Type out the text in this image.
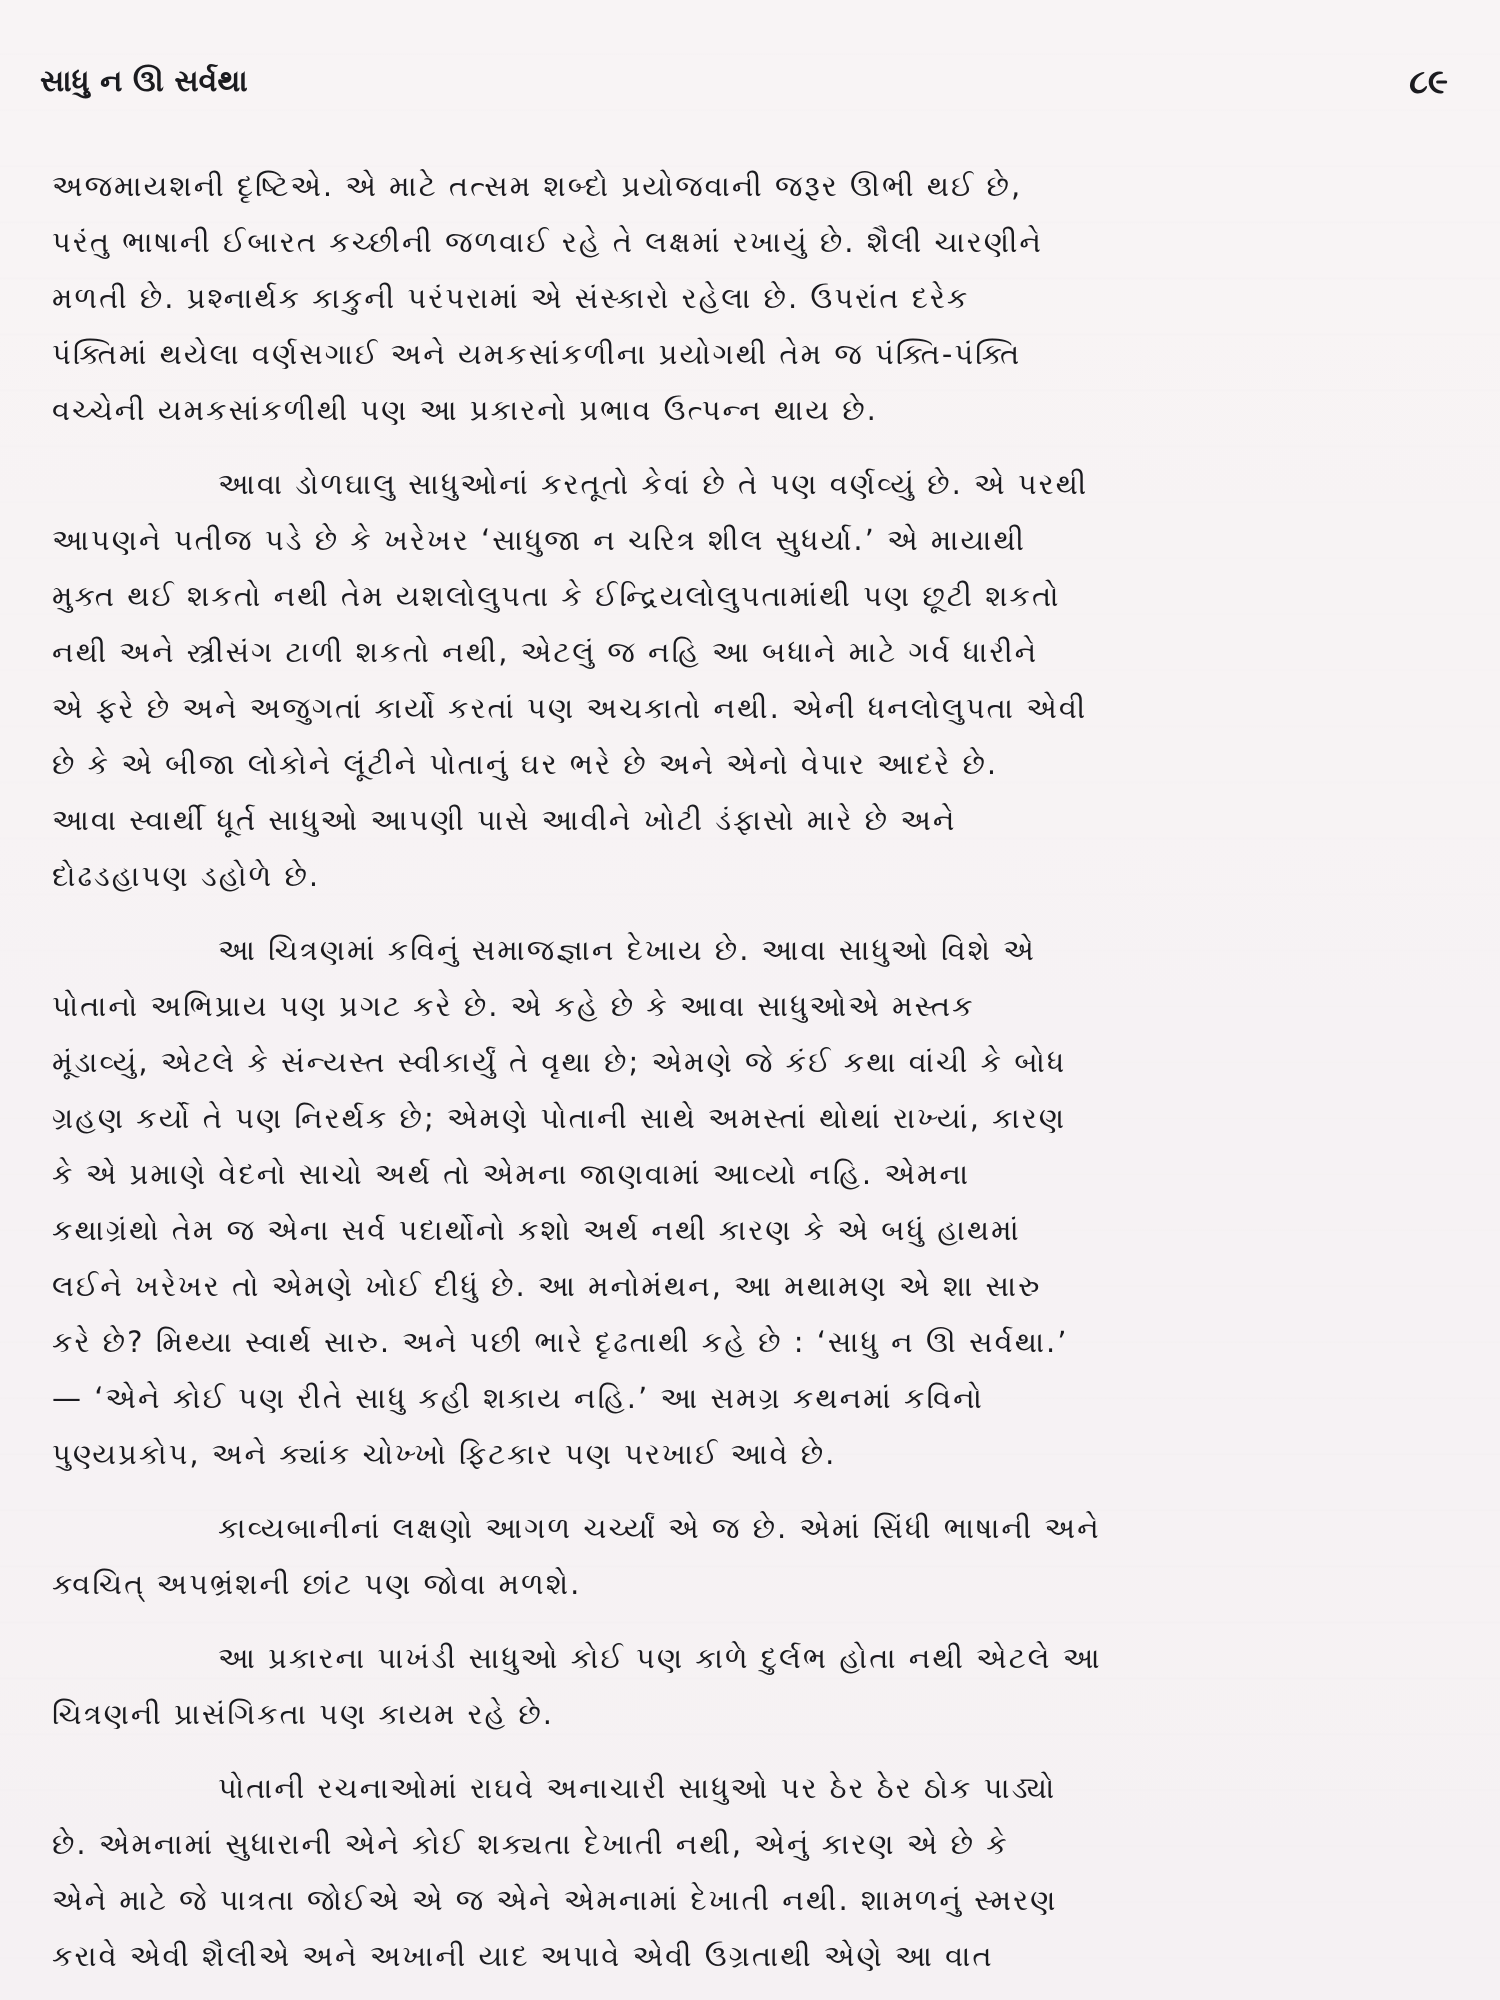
સાધુ ન ઊ સર્વથા	૮૯
અજમાયશની દૃષ્ટિએ. એ માટે તત્સમ શબ્દો પ્રયોજવાની જરૂર ઊભી થઈ છે,
પરંતુ ભાષાની ઈબારત કચ્છીની જળવાઈ રહે તે લક્ષમાં રખાયું છે. શૈલી ચારણીને
મળતી છે. પ્રશ્નાર્થક કાકુની પરંપરામાં એ સંસ્કારો રહેલા છે. ઉપરાંત દરેક
પંક્તિમાં થયેલા વર્ણસગાઈ અને યમકસાંકળીના પ્રયોગથી તેમ જ પંક્તિ-પંક્તિ
વચ્ચેની યમકસાંકળીથી પણ આ પ્રકારનો પ્રભાવ ઉત્પન્ન થાય છે.
આવા ડોળઘાલુ સાધુઓનાં કરતૂતો કેવાં છે તે પણ વર્ણવ્યું છે. એ પરથી
આપણને પતીજ પડે છે કે ખરેખર ‘સાધુજા ન ચરિત્ર શીલ સુધર્યા.’ એ માયાથી
મુક્ત થઈ શકતો નથી તેમ યશલોલુપતા કે ઈન્દ્રિયલોલુપતામાંથી પણ છૂટી શકતો
નથી અને સ્ત્રીસંગ ટાળી શકતો નથી, એટલું જ નહિ આ બધાને માટે ગર્વ ધારીને
એ ફરે છે અને અજુગતાં કાર્યો કરતાં પણ અચકાતો નથી. એની ધનલોલુપતા એવી
છે કે એ બીજા લોકોને લૂંટીને પોતાનું ઘર ભરે છે અને એનો વેપાર આદરે છે.
આવા સ્વાર્થી ધૂર્ત સાધુઓ આપણી પાસે આવીને ખોટી ડંફાસો મારે છે અને
દોઢડહાપણ ડહોળે છે.
આ ચિત્રણમાં કવિનું સમાજજ્ઞાન દેખાય છે. આવા સાધુઓ વિશે એ
પોતાનો અભિપ્રાય પણ પ્રગટ કરે છે. એ કહે છે કે આવા સાધુઓએ મસ્તક
મૂંડાવ્યું, એટલે કે સંન્યસ્ત સ્વીકાર્યું તે વૃથા છે; એમણે જે કંઈ કથા વાંચી કે બોધ
ગ્રહણ કર્યો તે પણ નિરર્થક છે; એમણે પોતાની સાથે અમસ્તાં થોથાં રાખ્યાં, કારણ
કે એ પ્રમાણે વેદનો સાચો અર્થ તો એમના જાણવામાં આવ્યો નહિ. એમના
કથાગ્રંથો તેમ જ એના સર્વ પદાર્થોનો કશો અર્થ નથી કારણ કે એ બધું હાથમાં
લઈને ખરેખર તો એમણે ખોઈ દીધું છે. આ મનોમંથન, આ મથામણ એ શા સારુ
કરે છે? મિથ્યા સ્વાર્થ સારુ. અને પછી ભારે દૃઢતાથી કહે છે : ‘સાધુ ન ઊ સર્વથા.’
— ‘એને કોઈ પણ રીતે સાધુ કહી શકાય નહિ.’ આ સમગ્ર કથનમાં કવિનો
પુણ્યપ્રકોપ, અને ક્યાંક ચોખ્ખો ફિટકાર પણ પરખાઈ આવે છે.
કાવ્યબાનીનાં લક્ષણો આગળ ચર્ચ્યાં એ જ છે. એમાં સિંધી ભાષાની અને
ક્વચિત્ અપભ્રંશની છાંટ પણ જોવા મળશે.
આ પ્રકારના પાખંડી સાધુઓ કોઈ પણ કાળે દુર્લભ હોતા નથી એટલે આ
ચિત્રણની પ્રાસંગિકતા પણ કાયમ રહે છે.
પોતાની રચનાઓમાં રાઘવે અનાચારી સાધુઓ પર ઠેર ઠેર ઠોક પાડ્યો
છે. એમનામાં સુધારાની એને કોઈ શક્યતા દેખાતી નથી, એનું કારણ એ છે કે
એને માટે જે પાત્રતા જોઈએ એ જ એને એમનામાં દેખાતી નથી. શામળનું સ્મરણ
કરાવે એવી શૈલીએ અને અખાની યાદ અપાવે એવી ઉગ્રતાથી એણે આ વાત
